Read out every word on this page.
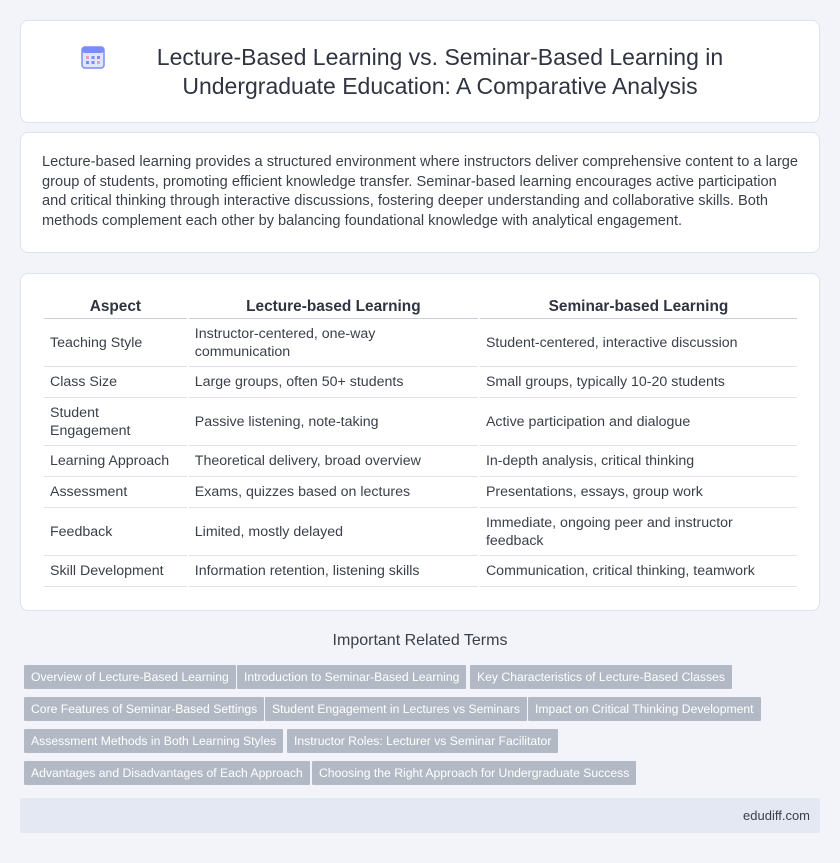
Lecture-Based Learning vs. Seminar-Based Learning in Undergraduate Education: A Comparative Analysis

Lecture-based learning provides a structured environment where instructors deliver comprehensive content to a large group of students, promoting efficient knowledge transfer. Seminar-based learning encourages active participation and critical thinking through interactive discussions, fostering deeper understanding and collaborative skills. Both methods complement each other by balancing foundational knowledge with analytical engagement.

Aspect	Lecture-based Learning	Seminar-based Learning
Teaching Style	Instructor-centered, one-way communication	Student-centered, interactive discussion
Class Size	Large groups, often 50+ students	Small groups, typically 10-20 students
Student Engagement	Passive listening, note-taking	Active participation and dialogue
Learning Approach	Theoretical delivery, broad overview	In-depth analysis, critical thinking
Assessment	Exams, quizzes based on lectures	Presentations, essays, group work
Feedback	Limited, mostly delayed	Immediate, ongoing peer and instructor feedback
Skill Development	Information retention, listening skills	Communication, critical thinking, teamwork
Important Related Terms
Overview of Lecture-Based Learning	Introduction to Seminar-Based Learning	Key Characteristics of Lecture-Based Classes
Core Features of Seminar-Based Settings	Student Engagement in Lectures vs Seminars	Impact on Critical Thinking Development
Assessment Methods in Both Learning Styles	Instructor Roles: Lecturer vs Seminar Facilitator
Advantages and Disadvantages of Each Approach	Choosing the Right Approach for Undergraduate Success
edudiff.com
